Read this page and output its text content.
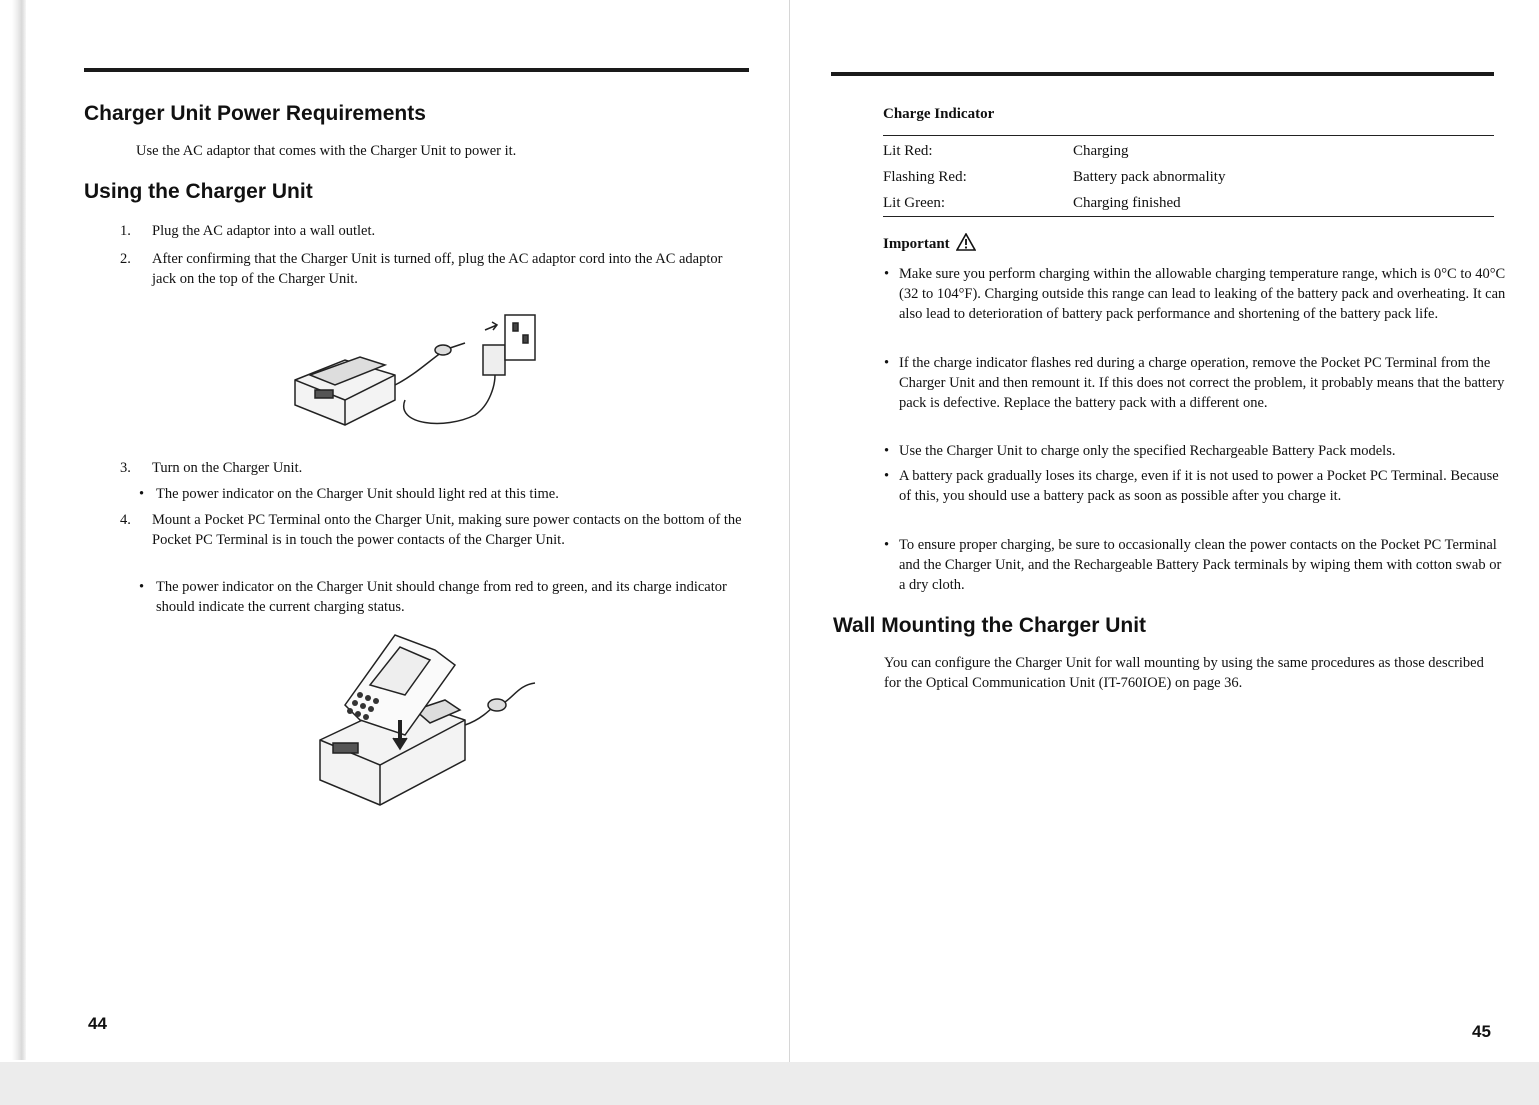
Charger Unit Power Requirements

Use the AC adaptor that comes with the Charger Unit to power it.

Using the Charger Unit
1. Plug the AC adaptor into a wall outlet.
2. After confirming that the Charger Unit is turned off, plug the AC adaptor cord into the AC adaptor jack on the top of the Charger Unit.
3. Turn on the Charger Unit.
• The power indicator on the Charger Unit should light red at this time.
4. Mount a Pocket PC Terminal onto the Charger Unit, making sure power contacts on the bottom of the Pocket PC Terminal is in touch the power contacts of the Charger Unit.
• The power indicator on the Charger Unit should change from red to green, and its charge indicator should indicate the current charging status.
44
Charge Indicator
Lit Red:	Charging
Flashing Red:	Battery pack abnormality
Lit Green:	Charging finished
Important
• Make sure you perform charging within the allowable charging temperature range, which is 0°C to 40°C (32 to 104°F). Charging outside this range can lead to leaking of the battery pack and overheating. It can also lead to deterioration of battery pack performance and shortening of the battery pack life.
• If the charge indicator flashes red during a charge operation, remove the Pocket PC Terminal from the Charger Unit and then remount it. If this does not correct the problem, it probably means that the battery pack is defective. Replace the battery pack with a different one.
• Use the Charger Unit to charge only the specified Rechargeable Battery Pack models.
• A battery pack gradually loses its charge, even if it is not used to power a Pocket PC Terminal. Because of this, you should use a battery pack as soon as possible after you charge it.
• To ensure proper charging, be sure to occasionally clean the power contacts on the Pocket PC Terminal and the Charger Unit, and the Rechargeable Battery Pack terminals by wiping them with cotton swab or a dry cloth.
Wall Mounting the Charger Unit

You can configure the Charger Unit for wall mounting by using the same procedures as those described for the Optical Communication Unit (IT-760IOE) on page 36.

45
